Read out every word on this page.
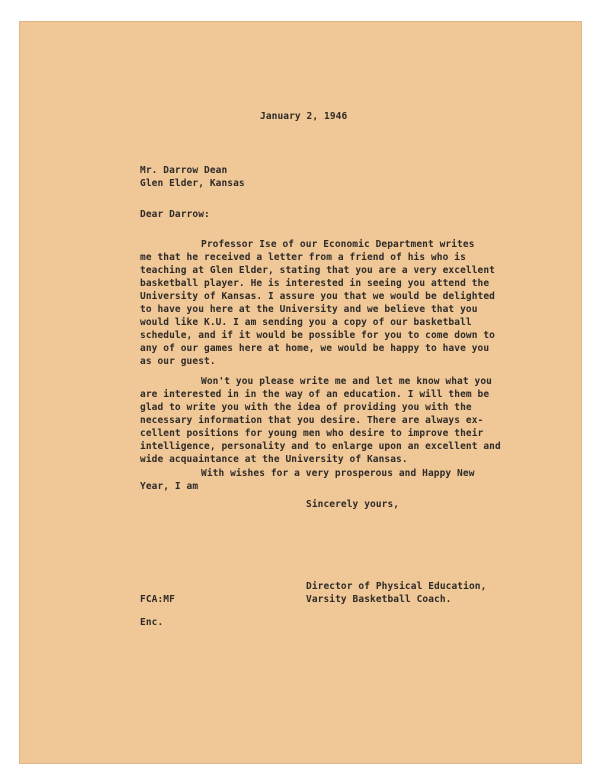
January 2, 1946
Mr. Darrow Dean
Glen Elder, Kansas
Dear Darrow:
Professor Ise of our Economic Department writes
me that he received a letter from a friend of his who is
teaching at Glen Elder, stating that you are a very excellent
basketball player. He is interested in seeing you attend the
University of Kansas. I assure you that we would be delighted
to have you here at the University and we believe that you
would like K.U. I am sending you a copy of our basketball
schedule, and if it would be possible for you to come down to
any of our games here at home, we would be happy to have you
as our guest.
Won't you please write me and let me know what you
are interested in in the way of an education. I will them be
glad to write you with the idea of providing you with the
necessary information that you desire. There are always ex-
cellent positions for young men who desire to improve their
intelligence, personality and to enlarge upon an excellent and
wide acquaintance at the University of Kansas.
With wishes for a very prosperous and Happy New
Year, I am
Sincerely yours,
Director of Physical Education,
Varsity Basketball Coach.
FCA:MF
Enc.
